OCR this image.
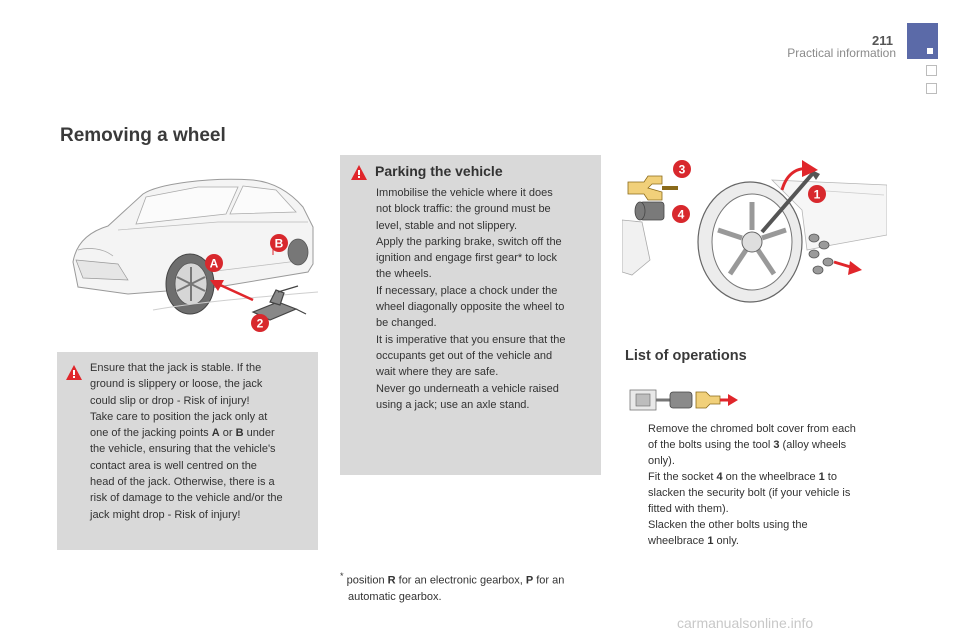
211
Practical information
Removing a wheel
A
B
2
1
3
4
Ensure that the jack is stable. If the
ground is slippery or loose, the jack
could slip or drop - Risk of injury!
Take care to position the jack only at
one of the jacking points A or B under
the vehicle, ensuring that the vehicle's
contact area is well centred on the
head of the jack. Otherwise, there is a
risk of damage to the vehicle and/or the
jack might drop - Risk of injury!
Parking the vehicle
Immobilise the vehicle where it does
not block traffic: the ground must be
level, stable and not slippery.
Apply the parking brake, switch off the
ignition and engage first gear* to lock
the wheels.
If necessary, place a chock under the
wheel diagonally opposite the wheel to
be changed.
It is imperative that you ensure that the
occupants get out of the vehicle and
wait where they are safe.
Never go underneath a vehicle raised
using a jack; use an axle stand.
List of operations
Remove the chromed bolt cover from each
of the bolts using the tool 3 (alloy wheels
only).
Fit the socket 4 on the wheelbrace 1 to
slacken the security bolt (if your vehicle is
fitted with them).
Slacken the other bolts using the
wheelbrace 1 only.
* position R for an electronic gearbox, P for an
automatic gearbox.
carmanualsonline.info
